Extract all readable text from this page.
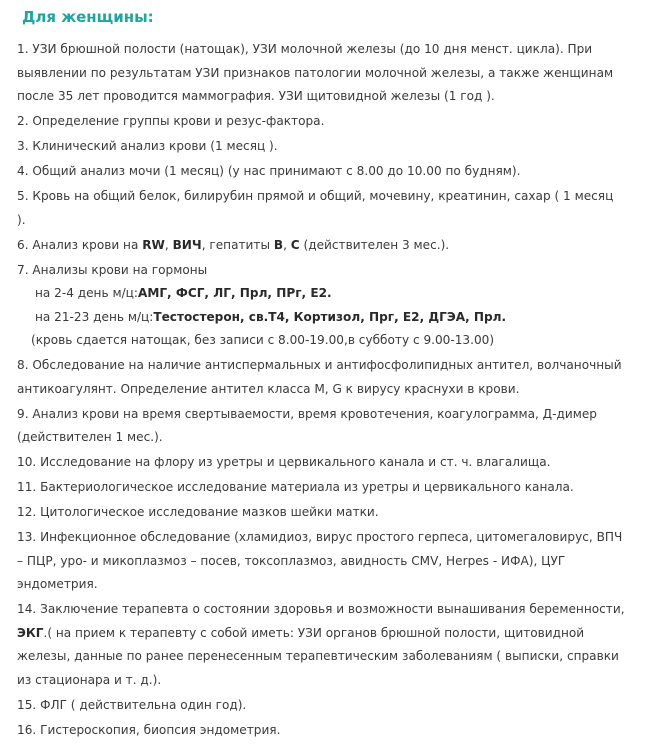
Для женщины:
1. УЗИ брюшной полости (натощак), УЗИ молочной железы (до 10 дня менст. цикла). При
выявлении по результатам УЗИ признаков патологии молочной железы, а также женщинам
после 35 лет проводится маммография. УЗИ щитовидной железы (1 год ).
2. Определение группы крови и резус-фактора.
3. Клинический анализ крови (1 месяц ).
4. Общий анализ мочи (1 месяц) (у нас принимают с 8.00 до 10.00 по будням).
5. Кровь на общий белок, билирубин прямой и общий, мочевину, креатинин, сахар ( 1 месяц
).
6. Анализ крови на RW, ВИЧ, гепатиты В, С (действителен 3 мес.).
7. Анализы крови на гормоны
на 2-4 день м/ц:АМГ, ФСГ, ЛГ, Прл, ПРг, Е2.
на 21-23 день м/ц:Тестостерон, св.Т4, Кортизол, Прг, Е2, ДГЭА, Прл.
(кровь сдается натощак, без записи с 8.00-19.00,в субботу с 9.00-13.00)
8. Обследование на наличие антиспермальных и антифосфолипидных антител, волчаночный
антикоагулянт. Определение антител класса М, G к вирусу краснухи в крови.
9. Анализ крови на время свертываемости, время кровотечения, коагулограмма, Д-димер
(действителен 1 мес.).
10. Исследование на флору из уретры и цервикального канала и ст. ч. влагалища.
11. Бактериологическое исследование материала из уретры и цервикального канала.
12. Цитологическое исследование мазков шейки матки.
13. Инфекционное обследование (хламидиоз, вирус простого герпеса, цитомегаловирус, ВПЧ
– ПЦР, уро- и микоплазмоз – посев, токсоплазмоз, авидность СМV, Herpes - ИФА), ЦУГ
эндометрия.
14. Заключение терапевта о состоянии здоровья и возможности вынашивания беременности,
ЭКГ.( на прием к терапевту с собой иметь: УЗИ органов брюшной полости, щитовидной
железы, данные по ранее перенесенным терапевтическим заболеваниям ( выписки, справки
из стационара и т. д.).
15. ФЛГ ( действительна один год).
16. Гистероскопия, биопсия эндометрия.
